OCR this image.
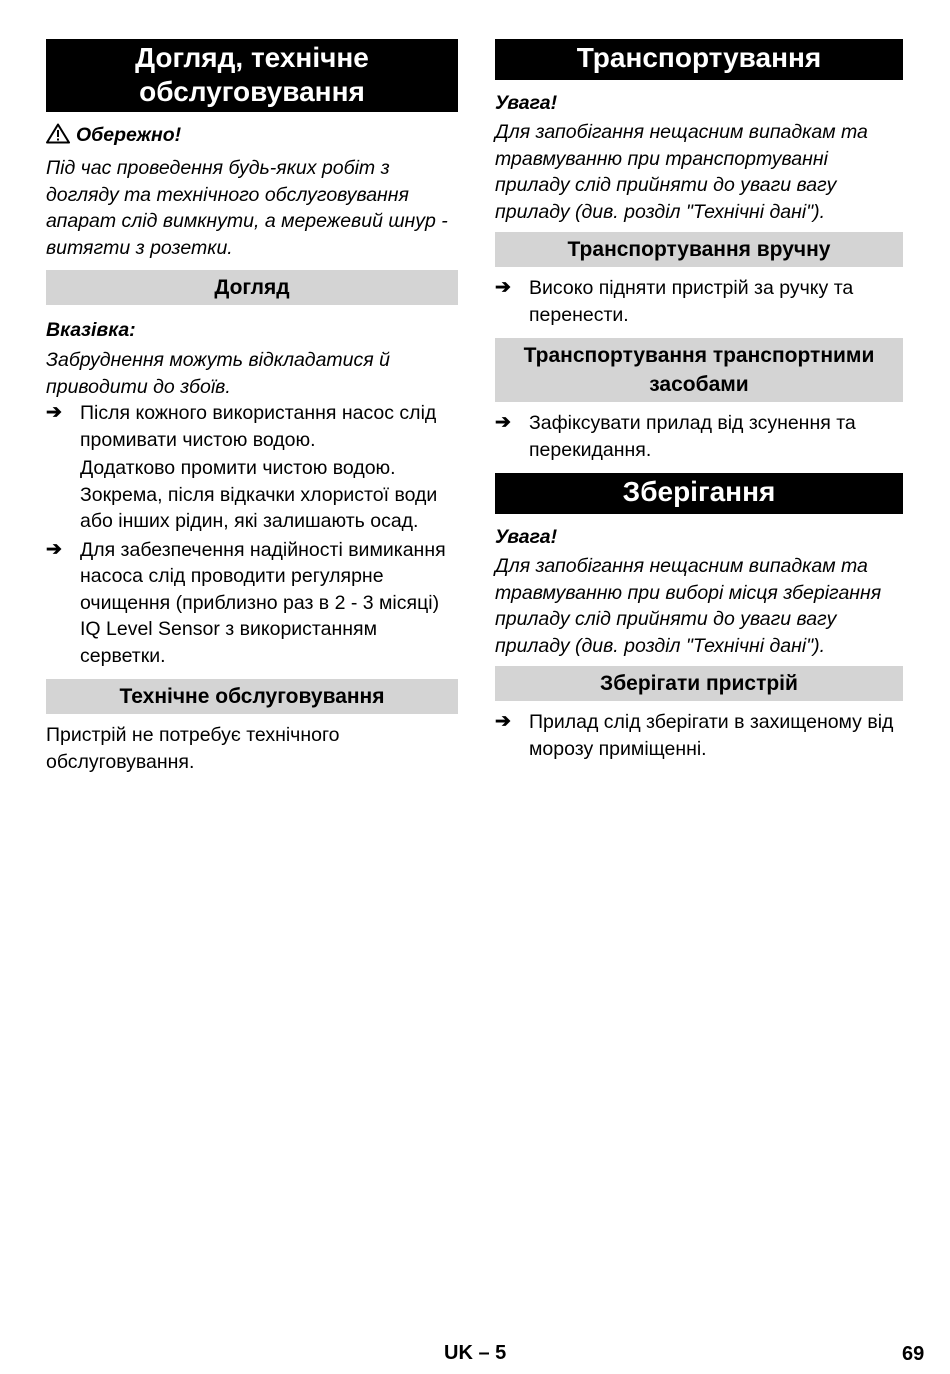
Догляд, технічне
обслуговування
Обережно!
Під час проведення будь-яких робіт з догляду та технічного обслуговування апарат слід вимкнути, а мережевий шнур - витягти з розетки.
Догляд
Вказівка:
Забруднення можуть відкладатися й приводити до збоїв.
➔ Після кожного використання насос слід промивати чистою водою.
Додатково промити чистою водою. Зокрема, після відкачки хлористої води або інших рідин, які залишають осад.
➔ Для забезпечення надійності вимикання насоса слід проводити регулярне очищення (приблизно раз в 2 - 3 місяці) IQ Level Sensor з використанням серветки.
Технічне обслуговування
Пристрій не потребує технічного обслуговування.
Транспортування
Увага!
Для запобігання нещасним випадкам та травмуванню при транспортуванні приладу слід прийняти до уваги вагу приладу (див. розділ "Технічні дані").
Транспортування вручну
➔ Високо підняти пристрій за ручку та перенести.
Транспортування транспортними засобами
➔ Зафіксувати прилад від зсунення та перекидання.
Зберігання
Увага!
Для запобігання нещасним випадкам та травмуванню при виборі місця зберігання приладу слід прийняти до уваги вагу приладу (див. розділ "Технічні дані").
Зберігати пристрій
➔ Прилад слід зберігати в захищеному від морозу приміщенні.
UK – 5	69
